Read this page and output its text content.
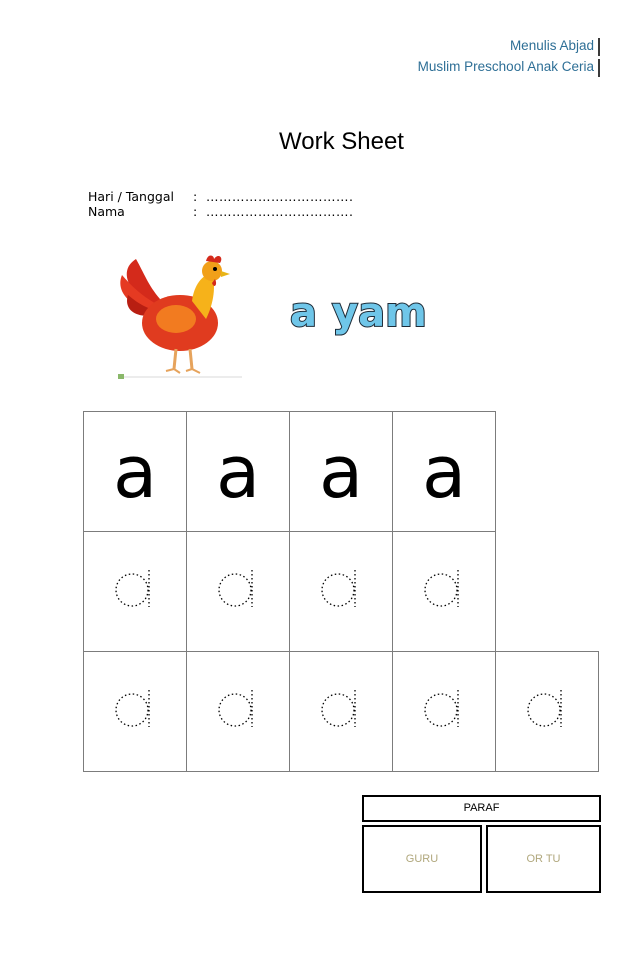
Menulis Abjad
Muslim Preschool Anak Ceria
Work Sheet
Hari / Tanggal : …………………………….
Nama	: …………………………….
a yam
a	a	a	a	

PARAF
GURU	OR TU
